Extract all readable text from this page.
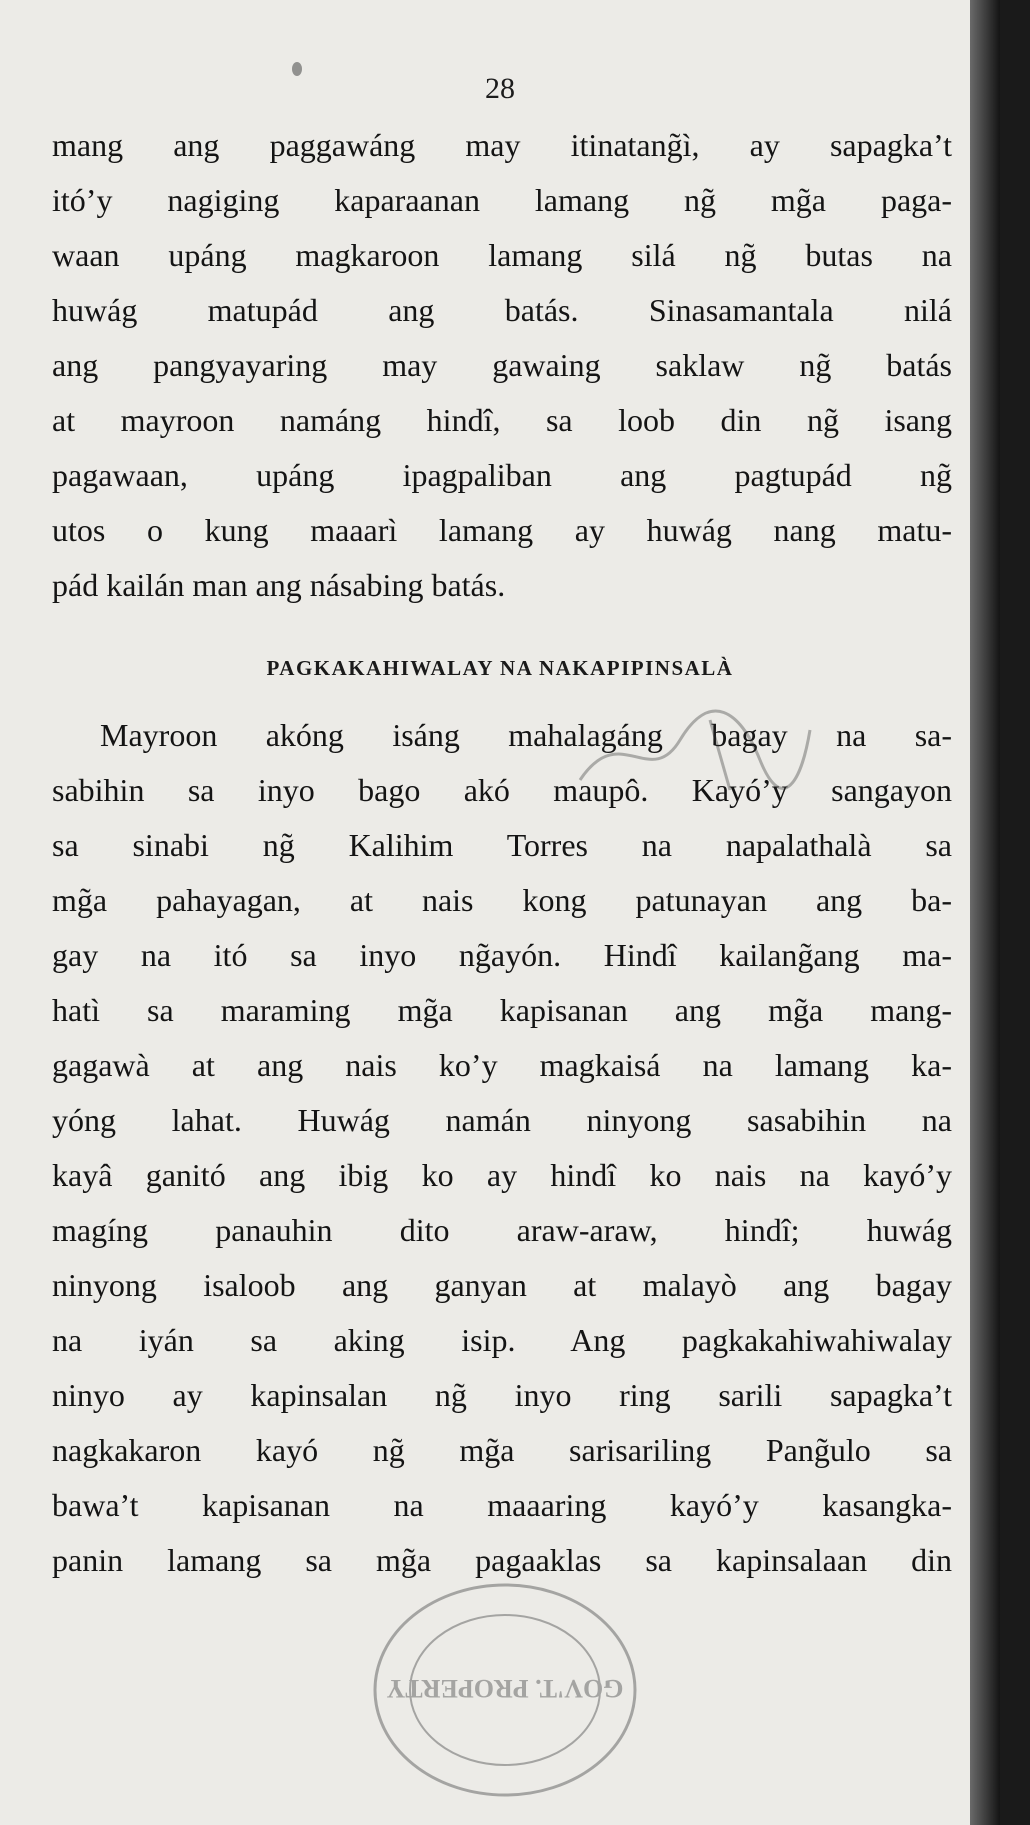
28
mang ang paggawáng may itinatang̃ì, ay sapagka’t
itó’y nagiging kaparaanan lamang ng̃ mg̃a paga-
waan upáng magkaroon lamang silá ng̃ butas na
huwág matupád ang batás. Sinasamantala nilá
ang pangyayaring may gawaing saklaw ng̃ batás
at mayroon namáng hindî, sa loob din ng̃ isang
pagawaan, upáng ipagpaliban ang pagtupád ng̃
utos o kung maaarì lamang ay huwág nang matu-
pád kailán man ang násabing batás.
PAGKAKAHIWALAY NA NAKAPIPINSALÀ
Mayroon akóng isáng mahalagáng bagay na sa-
sabihin sa inyo bago akó maupô. Kayó’y sangayon
sa sinabi ng̃ Kalihim Torres na napalathalà sa
mg̃a pahayagan, at nais kong patunayan ang ba-
gay na itó sa inyo ng̃ayón. Hindî kailang̃ang ma-
hatì sa maraming mg̃a kapisanan ang mg̃a mang-
gagawà at ang nais ko’y magkaisá na lamang ka-
yóng lahat. Huwág namán ninyong sasabihin na
kayâ ganitó ang ibig ko ay hindî ko nais na kayó’y
magíng panauhin dito araw-araw, hindî; huwág
ninyong isaloob ang ganyan at malayò ang bagay
na iyán sa aking isip. Ang pagkakahiwahiwalay
ninyo ay kapinsalan ng̃ inyo ring sarili sapagka’t
nagkakaron kayó ng̃ mg̃a sarisariling Pang̃ulo sa
bawa’t kapisanan na maaaring kayó’y kasangka-
panin lamang sa mg̃a pagaaklas sa kapinsalaan din
GOV'T. PROPERTY
